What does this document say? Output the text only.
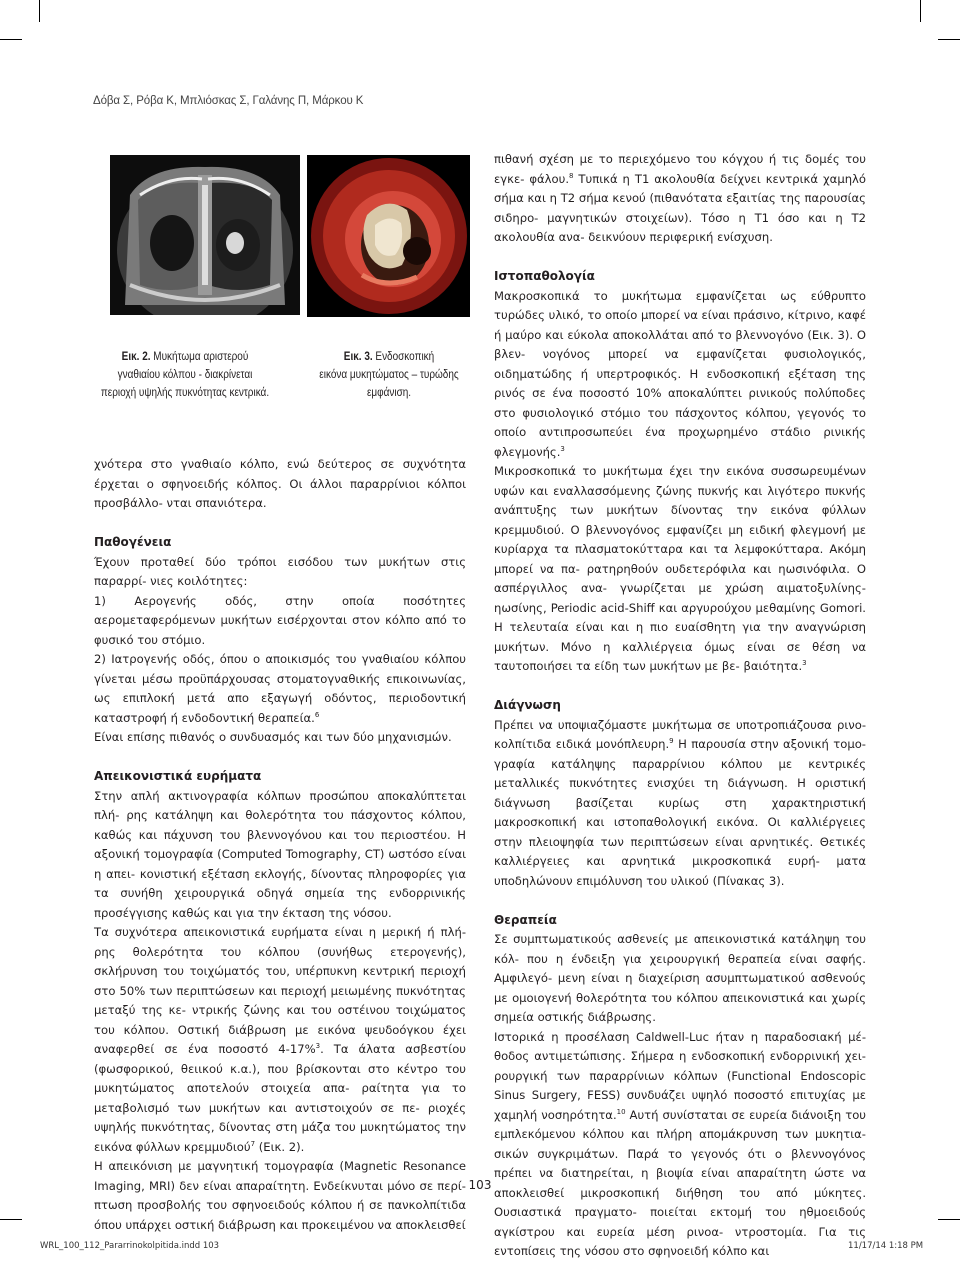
Δόβα Σ, Ρόβα Κ, Μπλιόσκας Σ, Γαλάνης Π, Μάρκου Κ
Εικ. 2. Μυκήτωμα αριστερού
γναθιαίου κόλπου - διακρίνεται
περιοχή υψηλής πυκνότητας κεντρικά.
Εικ. 3. Ενδοσκοπική
εικόνα μυκητώματος – τυρώδης
εμφάνιση.

χνότερα στο γναθιαίο κόλπο, ενώ δεύτερος σε συχνότητα έρχεται ο σφηνοειδής κόλπος. Οι άλλοι παραρρίνιοι κόλποι προσβάλλο- νται σπανιότερα.

Παθογένεια

Έχουν προταθεί δύο τρόποι εισόδου των μυκήτων στις παραρρί- νιες κοιλότητες:
1) Αερογενής οδός, στην οποία ποσότητες αερομεταφερόμενων μυκήτων εισέρχονται στον κόλπο από το φυσικό του στόμιο.
2) Ιατρογενής οδός, όπου ο αποικισμός του γναθιαίου κόλπου γίνεται μέσω προϋπάρχουσας στοματογναθικής επικοινωνίας, ως επιπλοκή μετά απο εξαγωγή οδόντος, περιοδοντική καταστροφή ή ενδοδοντική θεραπεία.$^6$
Είναι επίσης πιθανός ο συνδυασμός και των δύο μηχανισμών.

Απεικονιστικά ευρήματα

Στην απλή ακτινογραφία κόλπων προσώπου αποκαλύπτεται πλή- ρης κατάληψη και θολερότητα του πάσχοντος κόλπου, καθώς και πάχυνση του βλεννογόνου και του περιοστέου. Η αξονική τομογραφία (Computed Tomography, CT) ωστόσο είναι η απει- κονιστική εξέταση εκλογής, δίνοντας πληροφορίες για τα συνήθη χειρουργικά οδηγά σημεία της ενδορρινικής προσέγγισης καθώς και για την έκταση της νόσου.

Τα συχνότερα απεικονιστικά ευρήματα είναι η μερική ή πλή- ρης θολερότητα του κόλπου (συνήθως ετερογενής), σκλήρυνση του τοιχώματός του, υπέρπυκνη κεντρική περιοχή στο 50% των περιπτώσεων και περιοχή μειωμένης πυκνότητας μεταξύ της κε- ντρικής ζώνης και του οστέινου τοιχώματος του κόλπου. Οστική διάβρωση με εικόνα ψευδοόγκου έχει αναφερθεί σε ένα ποσοστό 4-17%$^3$. Τα άλατα ασβεστίου (φωσφορικού, θειικού κ.α.), που βρίσκονται στο κέντρο του μυκητώματος αποτελούν στοιχεία απα- ραίτητα για το μεταβολισμό των μυκήτων και αντιστοιχούν σε πε- ριοχές υψηλής πυκνότητας, δίνοντας στη μάζα του μυκητώματος την εικόνα φύλλων κρεμμυδιού$^7$ (Εικ. 2).

Η απεικόνιση με μαγνητική τομογραφία (Magnetic Resonance Imaging, MRI) δεν είναι απαραίτητη. Ενδείκνυται μόνο σε περί- πτωση προσβολής του σφηνοειδούς κόλπου ή σε πανκολπίτιδα όπου υπάρχει οστική διάβρωση και προκειμένου να αποκλεισθεί

πιθανή σχέση με το περιεχόμενο του κόγχου ή τις δομές του εγκε- φάλου.$^8$ Τυπικά η T1 ακολουθία δείχνει κεντρικά χαμηλό σήμα και η T2 σήμα κενού (πιθανότατα εξαιτίας της παρουσίας σιδηρο- μαγνητικών στοιχείων). Τόσο η T1 όσο και η T2 ακολουθία ανα- δεικνύουν περιφερική ενίσχυση.

Ιστοπαθολογία

Μακροσκοπικά το μυκήτωμα εμφανίζεται ως εύθρυπτο τυρώδες υλικό, το οποίο μπορεί να είναι πράσινο, κίτρινο, καφέ ή μαύρο και εύκολα αποκολλάται από το βλεννογόνο (Εικ. 3). Ο βλεν- νογόνος μπορεί να εμφανίζεται φυσιολογικός, οιδηματώδης ή υπερτροφικός. Η ενδοσκοπική εξέταση της ρινός σε ένα ποσοστό 10% αποκαλύπτει ρινικούς πολύποδες στο φυσιολογικό στόμιο του πάσχοντος κόλπου, γεγονός το οποίο αντιπροσωπεύει ένα προχωρημένο στάδιο ρινικής φλεγμονής.$^3$

Μικροσκοπικά το μυκήτωμα έχει την εικόνα συσσωρευμένων υφών και εναλλασσόμενης ζώνης πυκνής και λιγότερο πυκνής ανάπτυξης των μυκήτων δίνοντας την εικόνα φύλλων κρεμμυδιού. Ο βλεννογόνος εμφανίζει μη ειδική φλεγμονή με κυρίαρχα τα πλασματοκύτταρα και τα λεμφοκύτταρα. Ακόμη μπορεί να πα- ρατηρηθούν ουδετερόφιλα και ηωσινόφιλα. Ο ασπέργιλλος ανα- γνωρίζεται με χρώση αιματοξυλίνης-ηωσίνης, Periodic acid-Shiff και αργυρούχου μεθαμίνης Gomori. Η τελευταία είναι και η πιο ευαίσθητη για την αναγνώριση μυκήτων. Μόνο η καλλιέργεια όμως είναι σε θέση να ταυτοποιήσει τα είδη των μυκήτων με βε- βαιότητα.$^3$

Διάγνωση

Πρέπει να υποψιαζόμαστε μυκήτωμα σε υποτροπιάζουσα ρινο- κολπίτιδα ειδικά μονόπλευρη.$^9$ Η παρουσία στην αξονική τομο- γραφία κατάληψης παραρρίνιου κόλπου με κεντρικές μεταλλικές πυκνότητες ενισχύει τη διάγνωση. Η οριστική διάγνωση βασίζεται κυρίως στη χαρακτηριστική μακροσκοπική και ιστοπαθολογική εικόνα. Οι καλλιέργειες στην πλειοψηφία των περιπτώσεων είναι αρνητικές. Θετικές καλλιέργειες και αρνητικά μικροσκοπικά ευρή- ματα υποδηλώνουν επιμόλυνση του υλικού (Πίνακας 3).

Θεραπεία

Σε συμπτωματικούς ασθενείς με απεικονιστικά κατάληψη του κόλ- που η ένδειξη για χειρουργική θεραπεία είναι σαφής. Αμφιλεγό- μενη είναι η διαχείριση ασυμπτωματικού ασθενούς με ομοιογενή θολερότητα του κόλπου απεικονιστικά και χωρίς σημεία οστικής διάβρωσης.

Ιστορικά η προσέλαση Caldwell-Luc ήταν η παραδοσιακή μέ- θοδος αντιμετώπισης. Σήμερα η ενδοσκοπική ενδορρινική χει- ρουργική των παραρρίνιων κόλπων (Functional Endoscopic Sinus Surgery, FESS) συνδυάζει υψηλό ποσοστό επιτυχίας με χαμηλή νοσηρότητα.$^{10}$ Αυτή συνίσταται σε ευρεία διάνοιξη του εμπλεκόμενου κόλπου και πλήρη απομάκρυνση των μυκητια- σικών συγκριμάτων. Παρά το γεγονός ότι ο βλεννογόνος πρέπει να διατηρείται, η βιοψία είναι απαραίτητη ώστε να αποκλεισθεί μικροσκοπική διήθηση του από μύκητες. Ουσιαστικά πραγματο- ποιείται εκτομή του ηθμοειδούς αγκίστρου και ευρεία μέση ρινοα- ντροστομία. Για τις εντοπίσεις της νόσου στο σφηνοειδή κόλπο και

103
WRL_100_112_Pararrinokolpitida.indd 103	11/17/14 1:18 PM
